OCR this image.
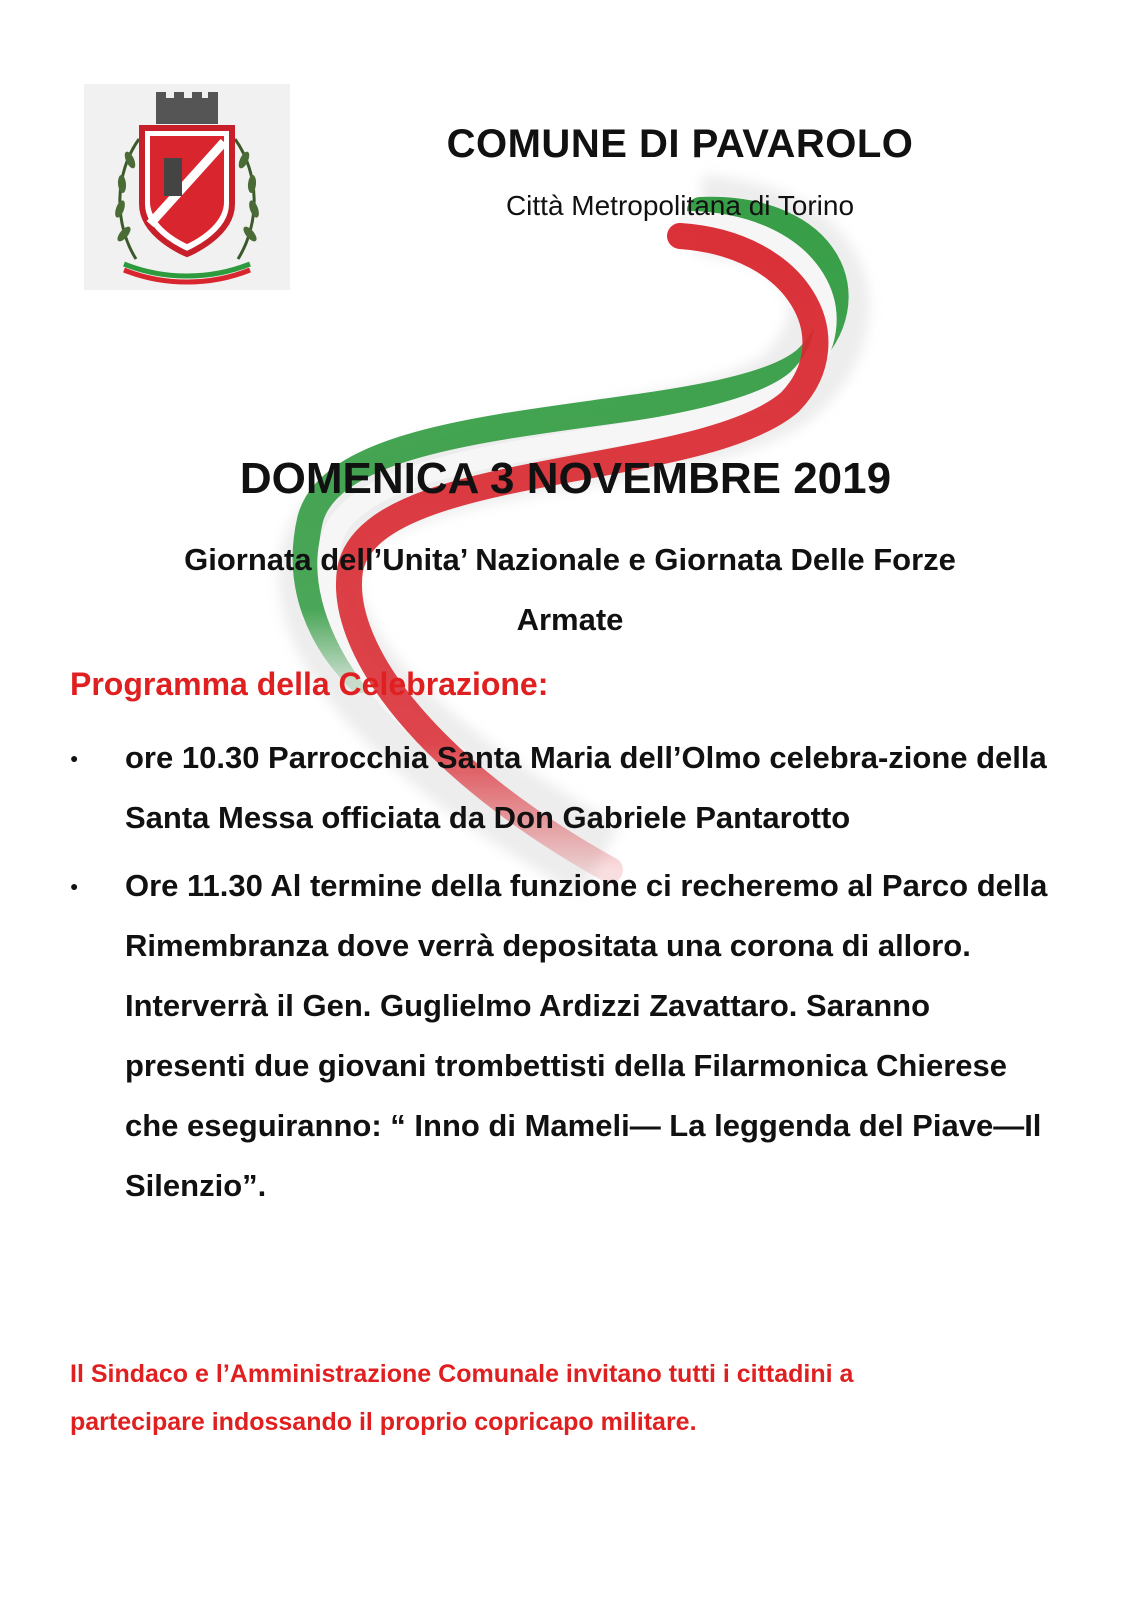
COMUNE DI PAVAROLO

Città Metropolitana di Torino

DOMENICA 3 NOVEMBRE 2019
Giornata dell’Unita’ Nazionale e Giornata Delle Forze
Armate

Programma della Celebrazione:

● ore 10.30 Parrocchia Santa Maria dell’Olmo celebra-zione della Santa Messa officiata da Don Gabriele Pantarotto
● Ore 11.30 Al termine della funzione ci recheremo al Parco della Rimembranza dove verrà depositata una corona di alloro. Interverrà il Gen. Guglielmo Ardizzi Zavattaro. Saranno presenti due giovani trombettisti della Filarmonica Chierese che eseguiranno: “ Inno di Mameli— La leggenda del Piave—Il Silenzio”.
Il Sindaco e l’Amministrazione Comunale invitano tutti i cittadini a
partecipare indossando il proprio copricapo militare.
